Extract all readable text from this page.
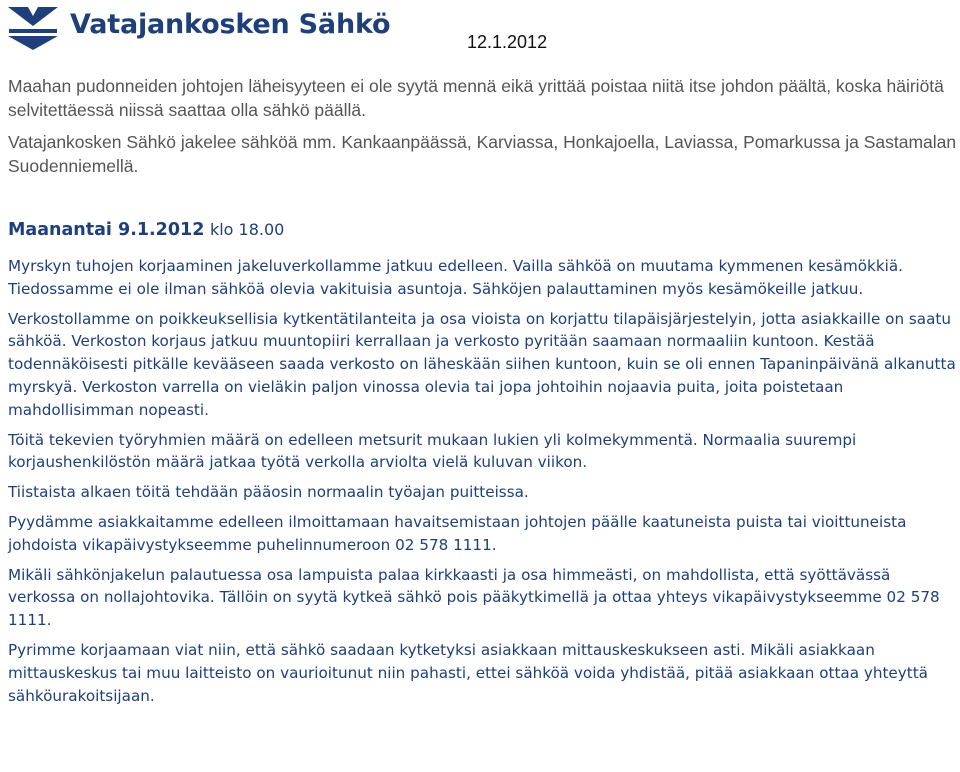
Vatajankosken Sähkö
12.1.2012

Maahan pudonneiden johtojen läheisyyteen ei ole syytä mennä eikä yrittää poistaa niitä itse johdon päältä, koska häiriötä selvitettäessä niissä saattaa olla sähkö päällä.

Vatajankosken Sähkö jakelee sähköä mm. Kankaanpäässä, Karviassa, Honkajoella, Laviassa, Pomarkussa ja Sastamalan Suodenniemellä.

Maanantai 9.1.2012 klo 18.00

Myrskyn tuhojen korjaaminen jakeluverkollamme jatkuu edelleen. Vailla sähköä on muutama kymmenen kesämökkiä. Tiedossamme ei ole ilman sähköä olevia vakituisia asuntoja. Sähköjen palauttaminen myös kesämökeille jatkuu.

Verkostollamme on poikkeuksellisia kytkentätilanteita ja osa vioista on korjattu tilapäisjärjestelyin, jotta asiakkaille on saatu sähköä. Verkoston korjaus jatkuu muuntopiiri kerrallaan ja verkosto pyritään saamaan normaaliin kuntoon. Kestää todennäköisesti pitkälle kevääseen saada verkosto on läheskään siihen kuntoon, kuin se oli ennen Tapaninpäivänä alkanutta myrskyä. Verkoston varrella on vieläkin paljon vinossa olevia tai jopa johtoihin nojaavia puita, joita poistetaan mahdollisimman nopeasti.

Töitä tekevien työryhmien määrä on edelleen metsurit mukaan lukien yli kolmekymmentä. Normaalia suurempi korjaushenkilöstön määrä jatkaa työtä verkolla arviolta vielä kuluvan viikon.

Tiistaista alkaen töitä tehdään pääosin normaalin työajan puitteissa.

Pyydämme asiakkaitamme edelleen ilmoittamaan havaitsemistaan johtojen päälle kaatuneista puista tai vioittuneista johdoista vikapäivystykseemme puhelinnumeroon 02 578 1111.

Mikäli sähkönjakelun palautuessa osa lampuista palaa kirkkaasti ja osa himmeästi, on mahdollista, että syöttävässä verkossa on nollajohtovika. Tällöin on syytä kytkeä sähkö pois pääkytkimellä ja ottaa yhteys vikapäivystykseemme 02 578 1111.

Pyrimme korjaamaan viat niin, että sähkö saadaan kytketyksi asiakkaan mittauskeskukseen asti. Mikäli asiakkaan mittauskeskus tai muu laitteisto on vaurioitunut niin pahasti, ettei sähköä voida yhdistää, pitää asiakkaan ottaa yhteyttä sähköurakoitsijaan.
